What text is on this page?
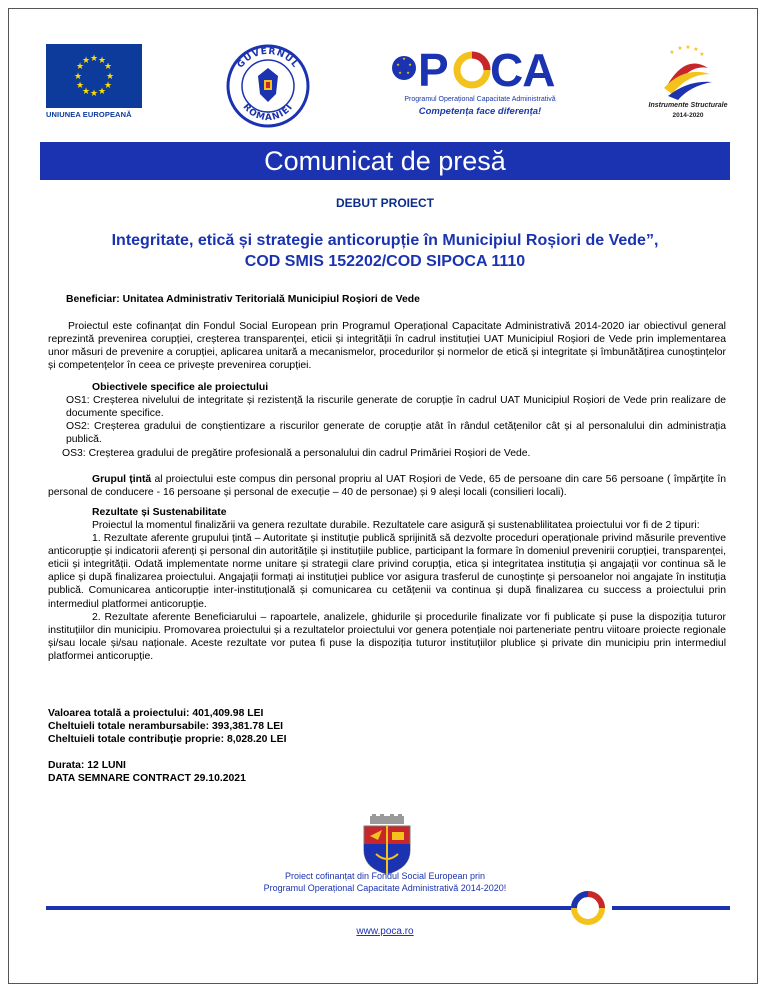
★ ★
★
★
★
★
★
★
★
★
★
★
UNIUNEA EUROPEANĂ
GUVERNUL
ROMÂNIEI
★
★
★
★
★ P CA
Programul Operațional Capacitate Administrativă
Competența face diferența!
★
★ ★ ★
★
Instrumente Structurale
2014-2020
Comunicat de presă
DEBUT PROIECT
Integritate, etică și strategie anticorupție în Municipiul Roșiori de Vede”,
COD SMIS 152202/COD SIPOCA 1110
Beneficiar: Unitatea Administrativ Teritorială Municipiul Roșiori de Vede
Proiectul este cofinanțat din Fondul Social European prin Programul Operațional Capacitate Administrativă 2014-2020 iar obiectivul general reprezintă prevenirea corupției, creșterea transparenței, eticii și integrității în cadrul instituției UAT Municipiul Roșiori de Vede prin implementarea unor măsuri de prevenire a corupției, aplicarea unitară a mecanismelor, procedurilor și normelor de etică și integritate și îmbunătățirea cunoștințelor și competențelor în ceea ce privește prevenirea corupției.
Obiectivele specifice ale proiectului
OS1: Creșterea nivelului de integritate și rezistență la riscurile generate de corupție în cadrul UAT Municipiul Roșiori de Vede prin realizare de documente specifice.
OS2: Creșterea gradului de conștientizare a riscurilor generate de corupție atât în rândul cetățenilor cât și al personalului din administrația publică.
OS3: Creșterea gradului de pregătire profesională a personalului din cadrul Primăriei Roșiori de Vede.
Grupul țintă al proiectului este compus din personal propriu al UAT Roșiori de Vede, 65 de persoane din care 56 persoane ( împărțite în personal de conducere - 16 persoane și personal de execuție – 40 de personae) și 9 aleși locali (consilieri locali).
Rezultate și Sustenabilitate
Proiectul la momentul finalizării va genera rezultate durabile. Rezultatele care asigură și sustenablilitatea proiectului vor fi de 2 tipuri:
1. Rezultate aferente grupului țintă – Autoritate și instituție publică sprijinită să dezvolte proceduri operaționale privind măsurile preventive anticorupție și indicatorii aferenți și personal din autoritățile și instituțiile publice, participant la formare în domeniul prevenirii corupției, transparenței, eticii și integrității. Odată implementate norme unitare și strategii clare privind corupția, etica și integritatea instituția și angajații vor continua să le aplice și după finalizarea proiectului. Angajații formați ai instituției publice vor asigura trasferul de cunoștințe și persoanelor noi angajate în instituția publică. Comunicarea anticorupție inter-instituțională și comunicarea cu cetățenii va continua și după finalizarea cu success a proiectului prin intermediul platformei anticorupție.
2. Rezultate aferente Beneficiarului – rapoartele, analizele, ghidurile și procedurile finalizate vor fi publicate și puse la dispoziția tuturor instituțiilor din municipiu. Promovarea proiectului și a rezultatelor proiectului vor genera potențiale noi parteneriate pentru viitoare proiecte regionale și/sau locale și/sau naționale. Aceste rezultate vor putea fi puse la dispoziția tuturor instituțiilor plublice și private din municipiu prin intermediul platformei anticorupție.
Valoarea totală a proiectului: 401,409.98 LEI
Cheltuieli totale nerambursabile: 393,381.78 LEI
Cheltuieli totale contribuție proprie: 8,028.20 LEI
Durata: 12 LUNI
DATA SEMNARE CONTRACT 29.10.2021
Proiect cofinanțat din Fondul Social European prin
Programul Operațional Capacitate Administrativă 2014-2020!
www.poca.ro
